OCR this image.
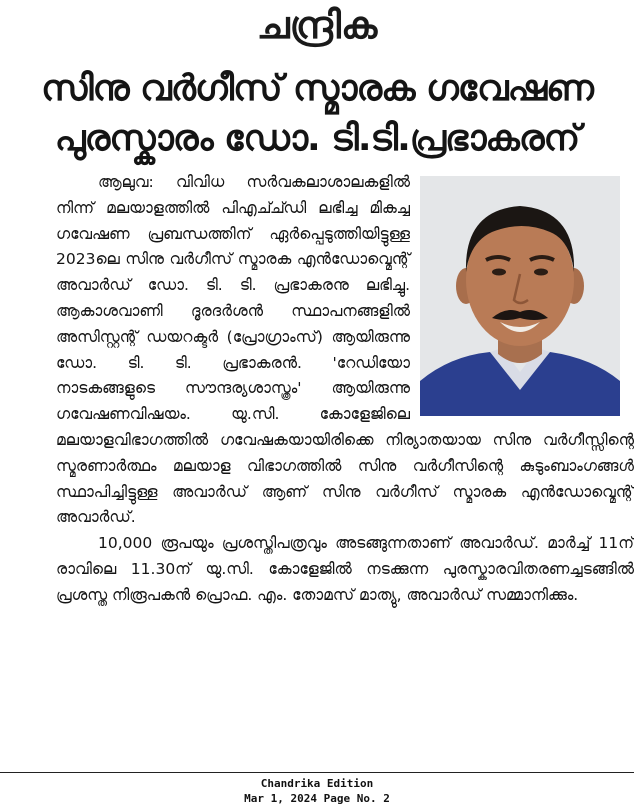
ചന്ദ്രിക
സിനു വർഗീസ് സ്മാരക ഗവേഷണ
പുരസ്കാരം ഡോ. ടി.ടി.പ്രഭാകരന്

ആലുവ: വിവിധ സർവകലാശാലകളിൽ നിന്ന് മലയാളത്തിൽ പിഎച്ച്ഡി ലഭിച്ച മികച്ച ഗവേഷണ പ്രബന്ധത്തിന് ഏർപ്പെടുത്തിയിട്ടുള്ള 2023ലെ സിനു വർഗീസ് സ്മാരക എൻഡോവ്മെന്റ് അവാർഡ് ഡോ. ടി. ടി. പ്രഭാകരനു ലഭിച്ചു. ആകാശവാണി ദൂരദർശൻ സ്ഥാപനങ്ങളിൽ അസിസ്റ്റന്റ് ഡയറക്ടർ (പ്രോഗ്രാംസ്) ആയിരുന്നു ഡോ. ടി. ടി. പ്രഭാകരൻ. 'റേഡിയോ നാടകങ്ങളുടെ സൗന്ദര്യശാസ്ത്രം' ആയിരുന്നു ഗവേഷണവിഷയം. യു.സി. കോളേജിലെ മലയാളവിഭാഗത്തിൽ ഗവേഷകയായിരിക്കെ നിര്യാതയായ സിനു വർഗീസ്സിന്റെ സ്മരണാർത്ഥം മലയാള വിഭാഗത്തിൽ സിനു വർഗീസിന്റെ കുടുംബാംഗങ്ങൾ സ്ഥാപിച്ചിട്ടുള്ള അവാർഡ് ആണ് സിനു വർഗീസ് സ്മാരക എൻഡോവ്മെന്റ് അവാർഡ്.

10,000 രൂപയും പ്രശസ്തിപത്രവും അടങ്ങുന്നതാണ് അവാർഡ്. മാർച്ച് 11ന് രാവിലെ 11.30ന് യു.സി. കോളേജിൽ നടക്കുന്ന പുരസ്കാരവിതരണച്ചടങ്ങിൽ പ്രശസ്ത നിരൂപകൻ പ്രൊഫ. എം. തോമസ് മാത്യു, അവാർഡ് സമ്മാനിക്കും.

Chandrika Edition
Mar 1, 2024 Page No. 2
